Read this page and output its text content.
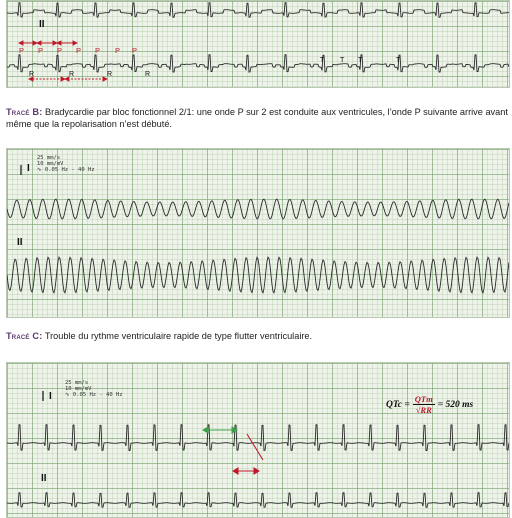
II
P P P P P P P
R	R	R	R
T T T	T
Tracé B: Bradycardie par bloc fonctionnel 2/1: une onde P sur 2 est conduite aux ventricules, l’onde P suivante arrive avant même que la repolarisation n’est débuté.
25 mm/s
10 mm/mV
∿ 0.05 Hz - 40 Hz
I
II
Tracé C: Trouble du rythme ventriculaire rapide de type flutter ventriculaire.
25 mm/s
10 mm/mV
∿ 0.05 Hz - 40 Hz
I
II
QTc = $\frac{\text{QTm}}{√RR} = 520$ ms
